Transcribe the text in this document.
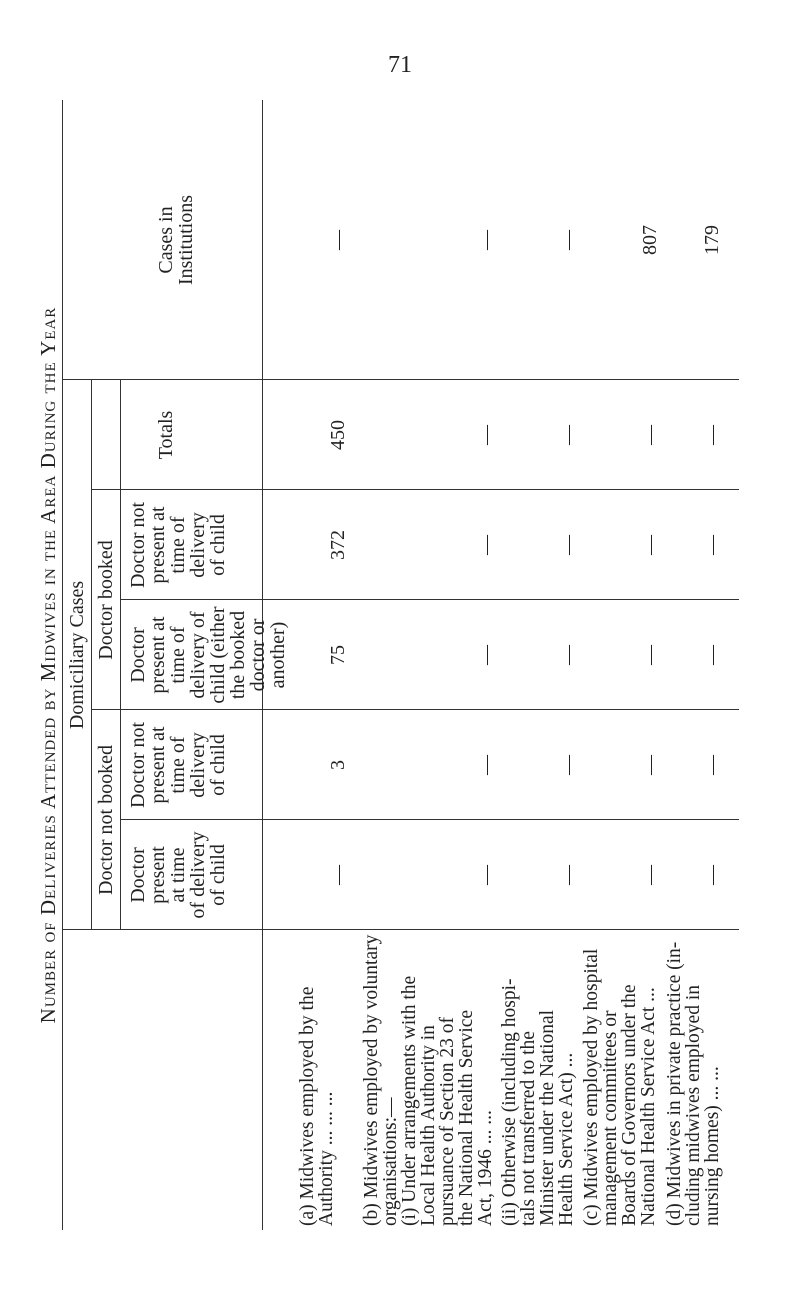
71
Number of Deliveries Attended by Midwives in the Area During the Year Domiciliary Cases
Doctor not booked
Doctor booked
Doctor
present
at time
of delivery
of child
Doctor not
present at
time of
delivery
of child
Doctor
present at
time of
delivery of
child (either
the booked
doctor or
another)
Doctor not
present at
time of
delivery
of child
Totals
Cases in
Institutions
(a) Midwives employed by the
Authority ... ... ...
(b) Midwives employed by voluntary
organisations:—
(i) Under arrangements with the
Local Health Authority in
pursuance of Section 23 of
the National Health Service
Act, 1946 ... ...
(ii) Otherwise (including hospi-
tals not transferred to the
Minister under the National
Health Service Act) ...
(c) Midwives employed by hospital
management committees or
Boards of Governors under the
National Health Service Act ...
(d) Midwives in private practice (in-
cluding midwives employed in
nursing homes) ... ...
—
3
75
372
450
—
—
—
—
—
—
—
—
—
—
—
—
—
—
—
—
—
—
807
—
—
—
—
—
179
